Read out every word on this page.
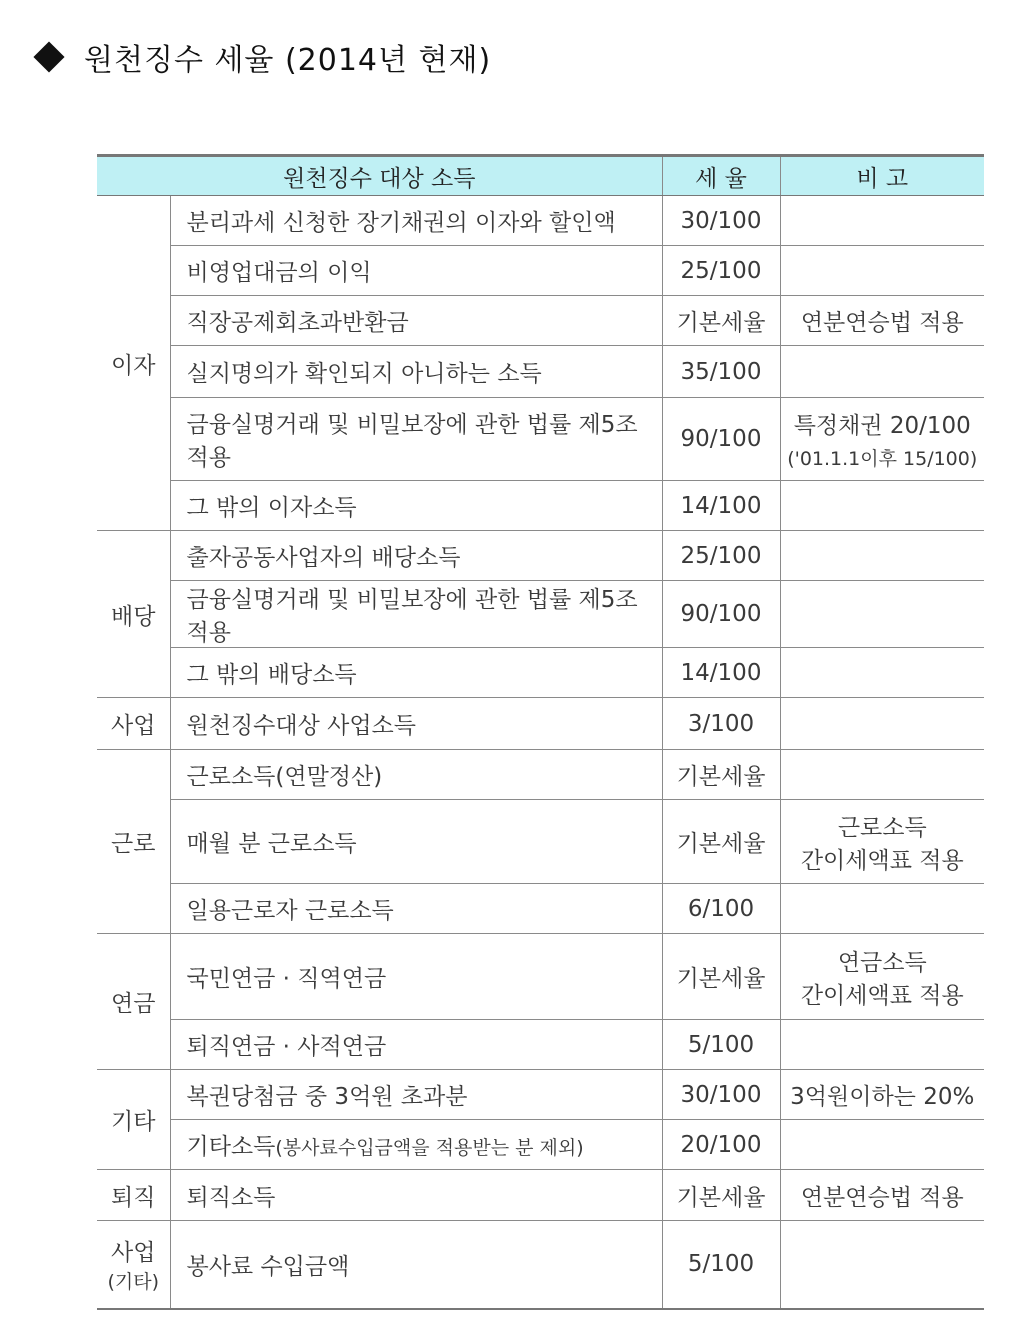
원천징수 세율 (2014년 현재)
원천징수 대상 소득		세 율	비 고
이자	분리과세 신청한 장기채권의 이자와 할인액	30/100	
	비영업대금의 이익	25/100	
	직장공제회초과반환금	기본세율	연분연승법 적용
	실지명의가 확인되지 아니하는 소득	35/100	
	금융실명거래 및 비밀보장에 관한 법률 제5조 적용	90/100	특정채권 20/100
('01.1.1이후 15/100)

	그 밖의 이자소득	14/100	
배당	출자공동사업자의 배당소득	25/100	
	금융실명거래 및 비밀보장에 관한 법률 제5조 적용	90/100	
	그 밖의 배당소득	14/100	
사업	원천징수대상 사업소득	3/100	
근로	근로소득(연말정산)	기본세율	
	매월 분 근로소득	기본세율	근로소득
간이세액표 적용
	일용근로자 근로소득	6/100	
연금	국민연금 · 직역연금	기본세율	연금소득
간이세액표 적용
	퇴직연금 · 사적연금	5/100	
기타	복권당첨금 중 3억원 초과분	30/100	3억원이하는 20%
	기타소득(봉사료수입금액을 적용받는 분 제외)	20/100	
퇴직	퇴직소득	기본세율	연분연승법 적용
사업
(기타)	봉사료 수입금액	5/100	
